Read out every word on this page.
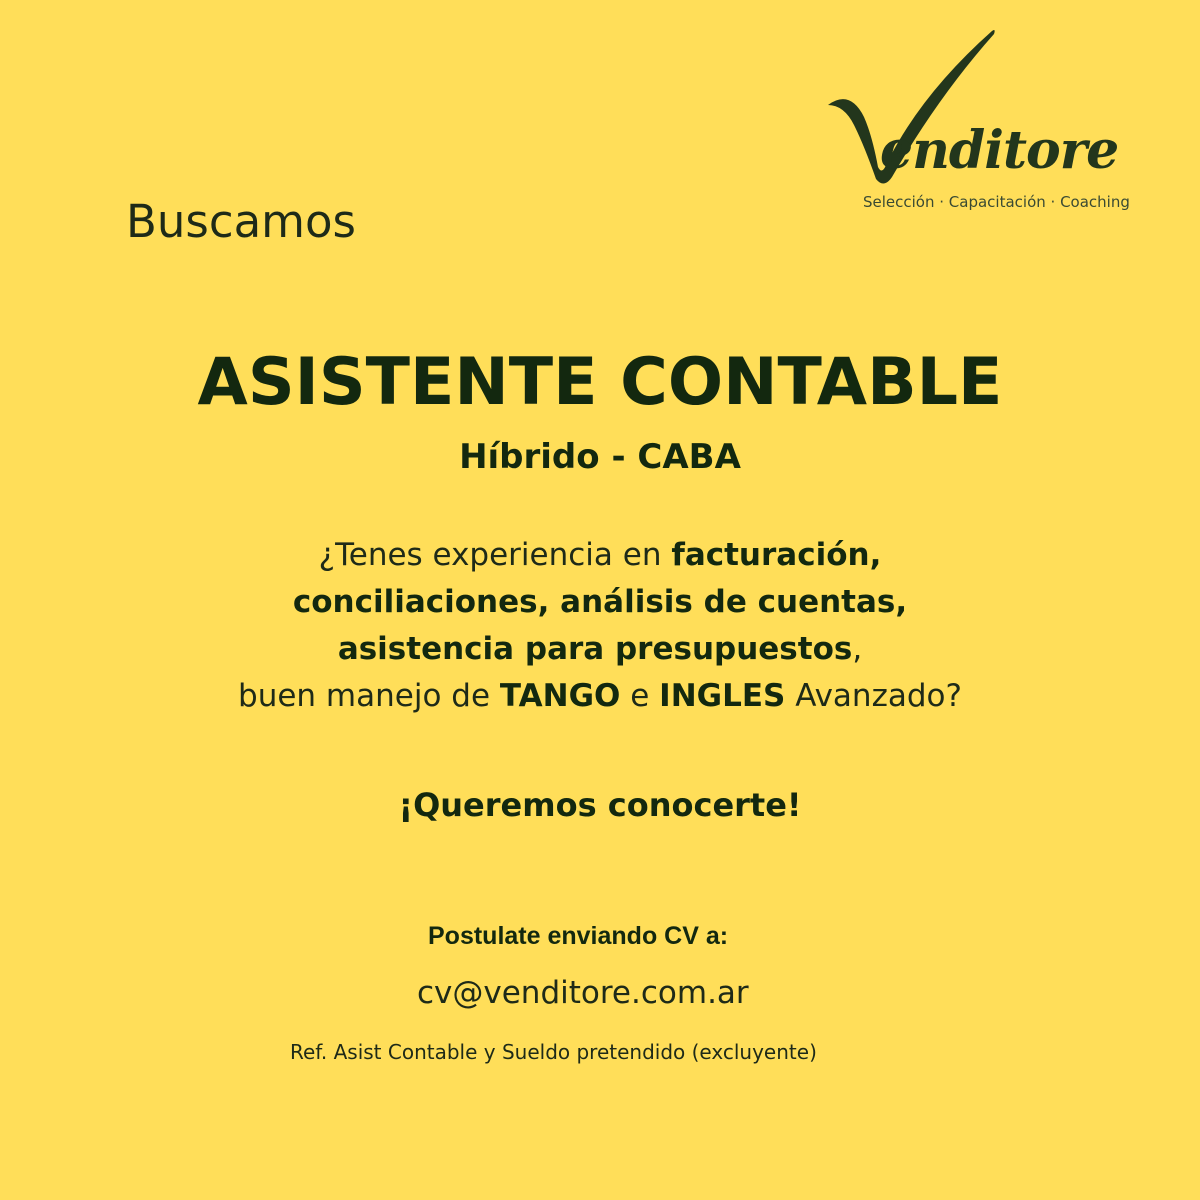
enditore
Selección · Capacitación · Coaching
Buscamos
ASISTENTE CONTABLE
Híbrido - CABA
¿Tenes experiencia en facturación,
conciliaciones, análisis de cuentas,
asistencia para presupuestos,
buen manejo de TANGO e INGLES Avanzado?
¡Queremos conocerte!
Postulate enviando CV a:
cv@venditore.com.ar
Ref. Asist Contable y Sueldo pretendido (excluyente)
